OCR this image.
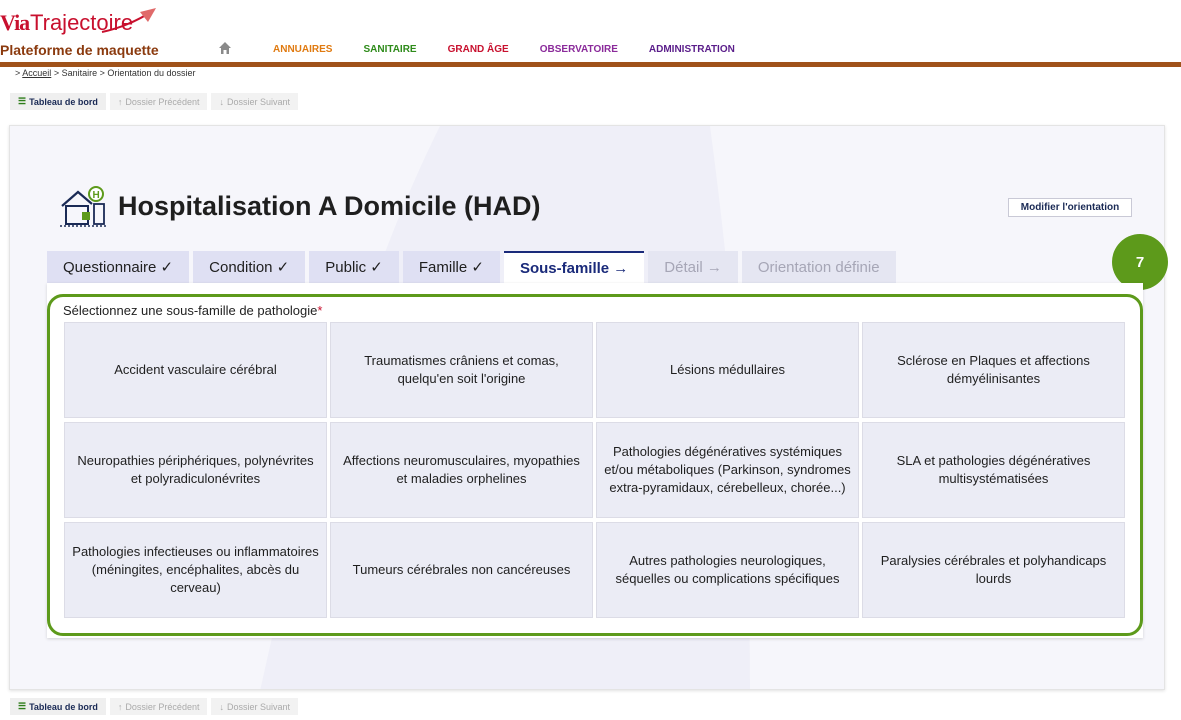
Via Trajectoire
Plateforme de maquette	ANNUAIRES	SANITAIRE	GRAND ÂGE	OBSERVATOIRE	ADMINISTRATION
> Accueil > Sanitaire > Orientation du dossier
☰ Tableau de bord ↑ Dossier Précédent ↓ Dossier Suivant
H Hospitalisation A Domicile (HAD)	Modifier l'orientation
Questionnaire ✓	Condition ✓	Public ✓	Famille ✓	Sous-famille →	Détail →	Orientation définie	7
Sélectionnez une sous-famille de pathologie*
Accident vasculaire cérébral
Traumatismes crâniens et comas, quelqu'en soit l'origine
Lésions médullaires
Sclérose en Plaques et affections démyélinisantes
Neuropathies périphériques, polynévrites et polyradiculonévrites
Affections neuromusculaires, myopathies et maladies orphelines
Pathologies dégénératives systémiques et/ou métaboliques (Parkinson, syndromes extra-pyramidaux, cérebelleux, chorée...)
SLA et pathologies dégénératives multisystématisées
Pathologies infectieuses ou inflammatoires (méningites, encéphalites, abcès du cerveau)
Tumeurs cérébrales non cancéreuses
Autres pathologies neurologiques, séquelles ou complications spécifiques
Paralysies cérébrales et polyhandicaps lourds
☰ Tableau de bord ↑ Dossier Précédent ↓ Dossier Suivant
